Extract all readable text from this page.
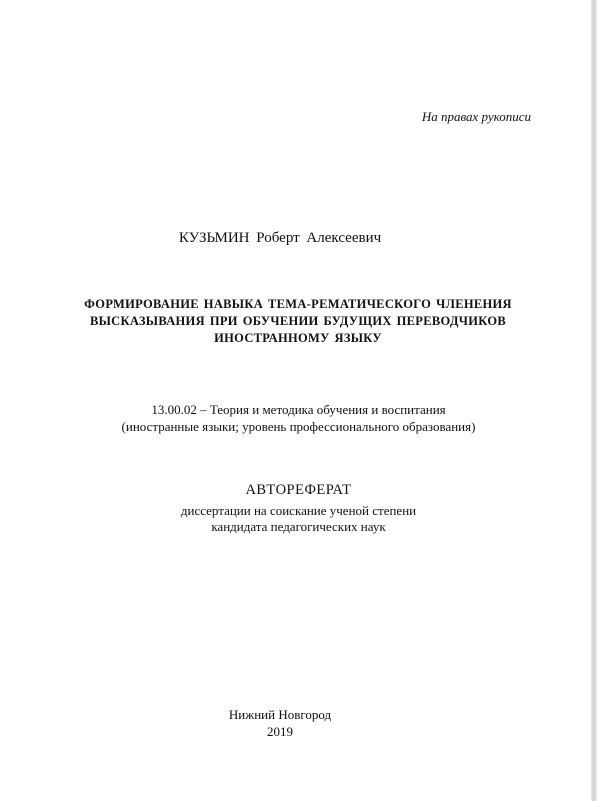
На правах рукописи
КУЗЬМИН Роберт Алексеевич
ФОРМИРОВАНИЕ НАВЫКА ТЕМА-РЕМАТИЧЕСКОГО ЧЛЕНЕНИЯ
ВЫСКАЗЫВАНИЯ ПРИ ОБУЧЕНИИ БУДУЩИХ ПЕРЕВОДЧИКОВ
ИНОСТРАННОМУ ЯЗЫКУ
13.00.02 – Теория и методика обучения и воспитания
(иностранные языки; уровень профессионального образования)
АВТОРЕФЕРАТ
диссертации на соискание ученой степени
кандидата педагогических наук
Нижний Новгород
2019
